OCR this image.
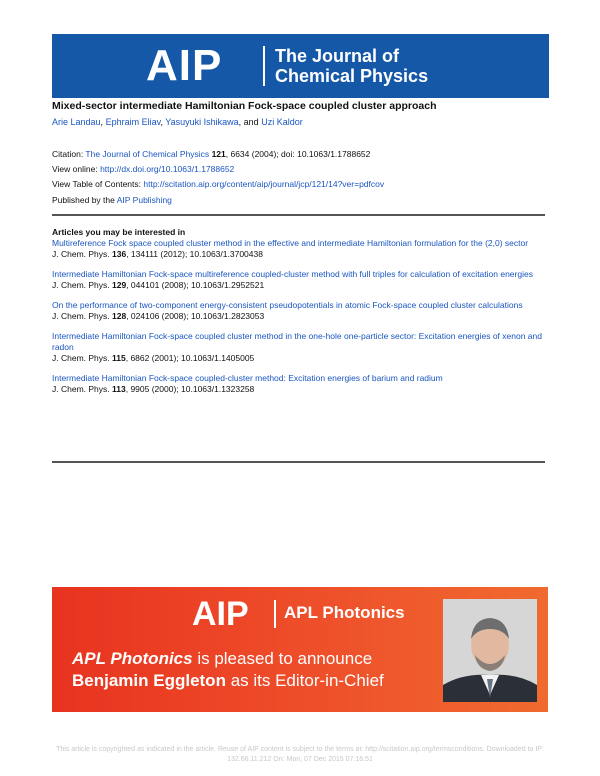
AIP	The Journal of
Chemical Physics
Mixed-sector intermediate Hamiltonian Fock-space coupled cluster approach
Arie Landau, Ephraim Eliav, Yasuyuki Ishikawa, and Uzi Kaldor
Citation: The Journal of Chemical Physics 121, 6634 (2004); doi: 10.1063/1.1788652
View online: http://dx.doi.org/10.1063/1.1788652
View Table of Contents: http://scitation.aip.org/content/aip/journal/jcp/121/14?ver=pdfcov
Published by the AIP Publishing
Articles you may be interested in
Multireference Fock space coupled cluster method in the effective and intermediate Hamiltonian formulation for the (2,0) sector
J. Chem. Phys. 136, 134111 (2012); 10.1063/1.3700438
Intermediate Hamiltonian Fock-space multireference coupled-cluster method with full triples for calculation of excitation energies
J. Chem. Phys. 129, 044101 (2008); 10.1063/1.2952521
On the performance of two-component energy-consistent pseudopotentials in atomic Fock-space coupled cluster calculations
J. Chem. Phys. 128, 024106 (2008); 10.1063/1.2823053
Intermediate Hamiltonian Fock-space coupled cluster method in the one-hole one-particle sector: Excitation energies of xenon and radon
J. Chem. Phys. 115, 6862 (2001); 10.1063/1.1405005
Intermediate Hamiltonian Fock-space coupled-cluster method: Excitation energies of barium and radium
J. Chem. Phys. 113, 9905 (2000); 10.1063/1.1323258
AIP APL Photonics
APL Photonics is pleased to announce
Benjamin Eggleton as its Editor-in-Chief
This article is copyrighted as indicated in the article. Reuse of AIP content is subject to the terms at: http://scitation.aip.org/termsconditions. Downloaded to IP:
132.66.11.212 On: Mon, 07 Dec 2015 07:16:51
